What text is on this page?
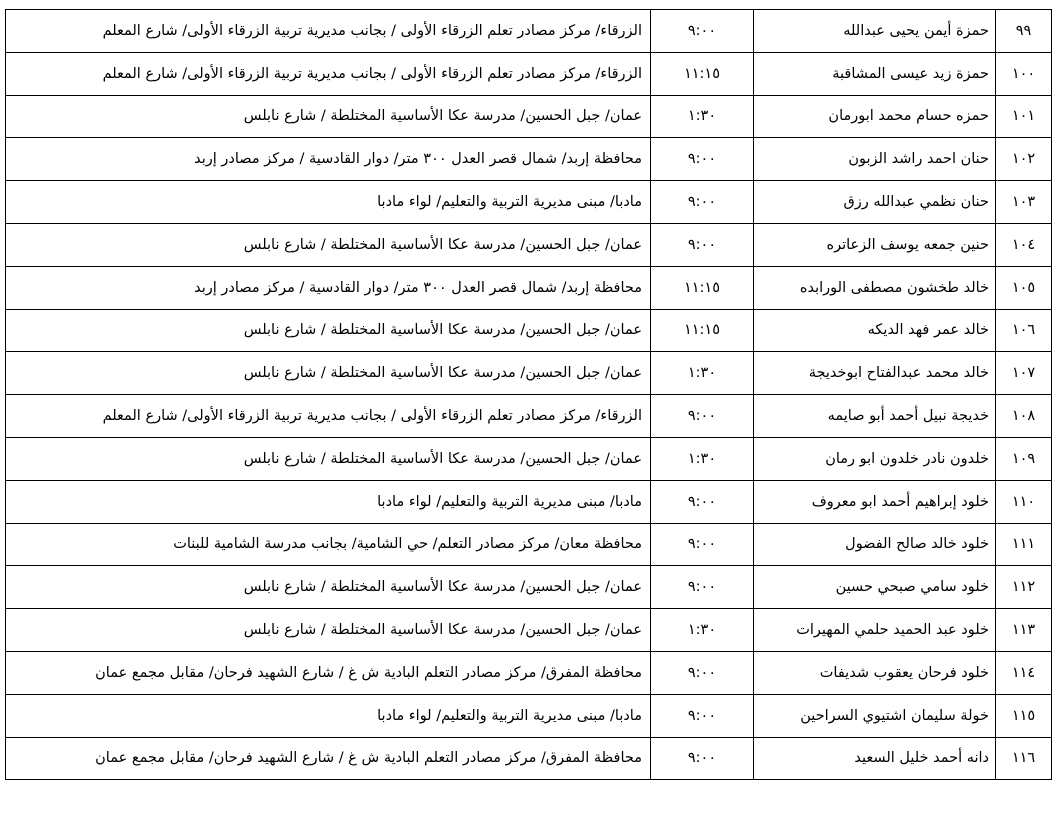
٩٩	حمزة أيمن يحيى عبدالله	٩:٠٠	الزرقاء/ مركز مصادر تعلم الزرقاء الأولى / بجانب مديرية تربية الزرقاء الأولى/ شارع المعلم
١٠٠	حمزة زيد عيسى المشاقبة	١١:١٥	الزرقاء/ مركز مصادر تعلم الزرقاء الأولى / بجانب مديرية تربية الزرقاء الأولى/ شارع المعلم
١٠١	حمزه حسام محمد ابورمان	١:٣٠	عمان/ جبل الحسين/ مدرسة عكا الأساسية المختلطة / شارع نابلس
١٠٢	حنان احمد راشد الزبون	٩:٠٠	محافظة إربد/ شمال قصر العدل ٣٠٠ متر/ دوار القادسية / مركز مصادر إربد
١٠٣	حنان نظمي عبدالله رزق	٩:٠٠	مادبا/ مبنى مديرية التربية والتعليم/ لواء مادبا
١٠٤	حنين جمعه يوسف الزعاتره	٩:٠٠	عمان/ جبل الحسين/ مدرسة عكا الأساسية المختلطة / شارع نابلس
١٠٥	خالد طخشون مصطفى الورابده	١١:١٥	محافظة إربد/ شمال قصر العدل ٣٠٠ متر/ دوار القادسية / مركز مصادر إربد
١٠٦	خالد عمر فهد الديكه	١١:١٥	عمان/ جبل الحسين/ مدرسة عكا الأساسية المختلطة / شارع نابلس
١٠٧	خالد محمد عبدالفتاح ابوخديجة	١:٣٠	عمان/ جبل الحسين/ مدرسة عكا الأساسية المختلطة / شارع نابلس
١٠٨	خديجة نبيل أحمد أبو صايمه	٩:٠٠	الزرقاء/ مركز مصادر تعلم الزرقاء الأولى / بجانب مديرية تربية الزرقاء الأولى/ شارع المعلم
١٠٩	خلدون نادر خلدون ابو رمان	١:٣٠	عمان/ جبل الحسين/ مدرسة عكا الأساسية المختلطة / شارع نابلس
١١٠	خلود إبراهيم أحمد ابو معروف	٩:٠٠	مادبا/ مبنى مديرية التربية والتعليم/ لواء مادبا
١١١	خلود خالد صالح الفضول	٩:٠٠	محافظة معان/ مركز مصادر التعلم/ حي الشامية/ بجانب مدرسة الشامية للبنات
١١٢	خلود سامي صبحي حسين	٩:٠٠	عمان/ جبل الحسين/ مدرسة عكا الأساسية المختلطة / شارع نابلس
١١٣	خلود عبد الحميد حلمي المهيرات	١:٣٠	عمان/ جبل الحسين/ مدرسة عكا الأساسية المختلطة / شارع نابلس
١١٤	خلود فرحان يعقوب شديفات	٩:٠٠	محافظة المفرق/ مركز مصادر التعلم البادية ش غ / شارع الشهيد فرحان/ مقابل مجمع عمان
١١٥	خولة سليمان اشتيوي السراحين	٩:٠٠	مادبا/ مبنى مديرية التربية والتعليم/ لواء مادبا
١١٦	دانه أحمد خليل السعيد	٩:٠٠	محافظة المفرق/ مركز مصادر التعلم البادية ش غ / شارع الشهيد فرحان/ مقابل مجمع عمان
